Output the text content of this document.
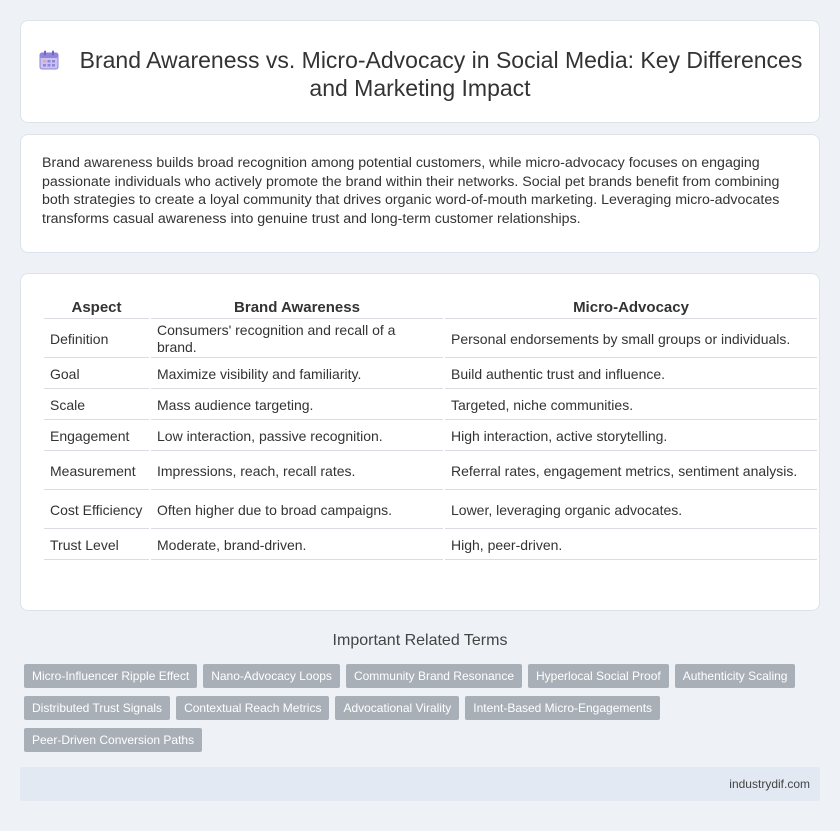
Brand Awareness vs. Micro-Advocacy in Social Media: Key Differences and Marketing Impact

Brand awareness builds broad recognition among potential customers, while micro-advocacy focuses on engaging passionate individuals who actively promote the brand within their networks. Social pet brands benefit from combining both strategies to create a loyal community that drives organic word-of-mouth marketing. Leveraging micro-advocates transforms casual awareness into genuine trust and long-term customer relationships.

Aspect	Brand Awareness	Micro-Advocacy
Definition	Consumers' recognition and recall of a brand.	Personal endorsements by small groups or individuals.
Goal	Maximize visibility and familiarity.	Build authentic trust and influence.
Scale	Mass audience targeting.	Targeted, niche communities.
Engagement	Low interaction, passive recognition.	High interaction, active storytelling.
Measurement	Impressions, reach, recall rates.	Referral rates, engagement metrics, sentiment analysis.
Cost Efficiency	Often higher due to broad campaigns.	Lower, leveraging organic advocates.
Trust Level	Moderate, brand-driven.	High, peer-driven.
Important Related Terms
Micro-Influencer Ripple Effect Nano-Advocacy Loops Community Brand Resonance Hyperlocal Social Proof Authenticity ScalingDistributed Trust Signals Contextual Reach Metrics Advocational Virality Intent-Based Micro-EngagementsPeer-Driven Conversion Paths
industrydif.com
